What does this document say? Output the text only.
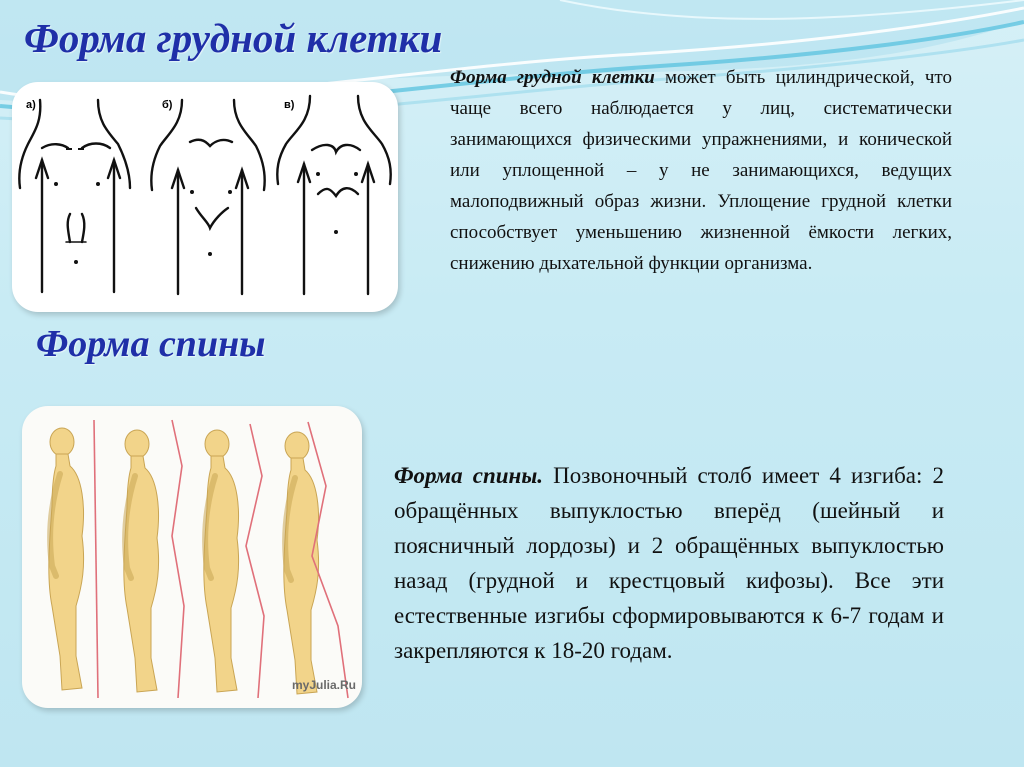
Форма грудной клетки
а)	б)	в)

Форма грудной клетки может быть цилиндрической, что чаще всего наблюдается у лиц, систематически занимающихся физическими упражнениями, и конической или уплощенной – у не занимающихся, ведущих малоподвижный образ жизни. Уплощение грудной клетки способствует уменьшению жизненной ёмкости легких, снижению дыхательной функции организма.

Форма спины
myJulia.Ru

Форма спины. Позвоночный столб имеет 4 изгиба: 2 обращённых выпуклостью вперёд (шейный и поясничный лордозы) и 2 обращённых выпуклостью назад (грудной и крестцовый кифозы). Все эти естественные изгибы сформировываются к 6-7 годам и закрепляются к 18-20 годам.
